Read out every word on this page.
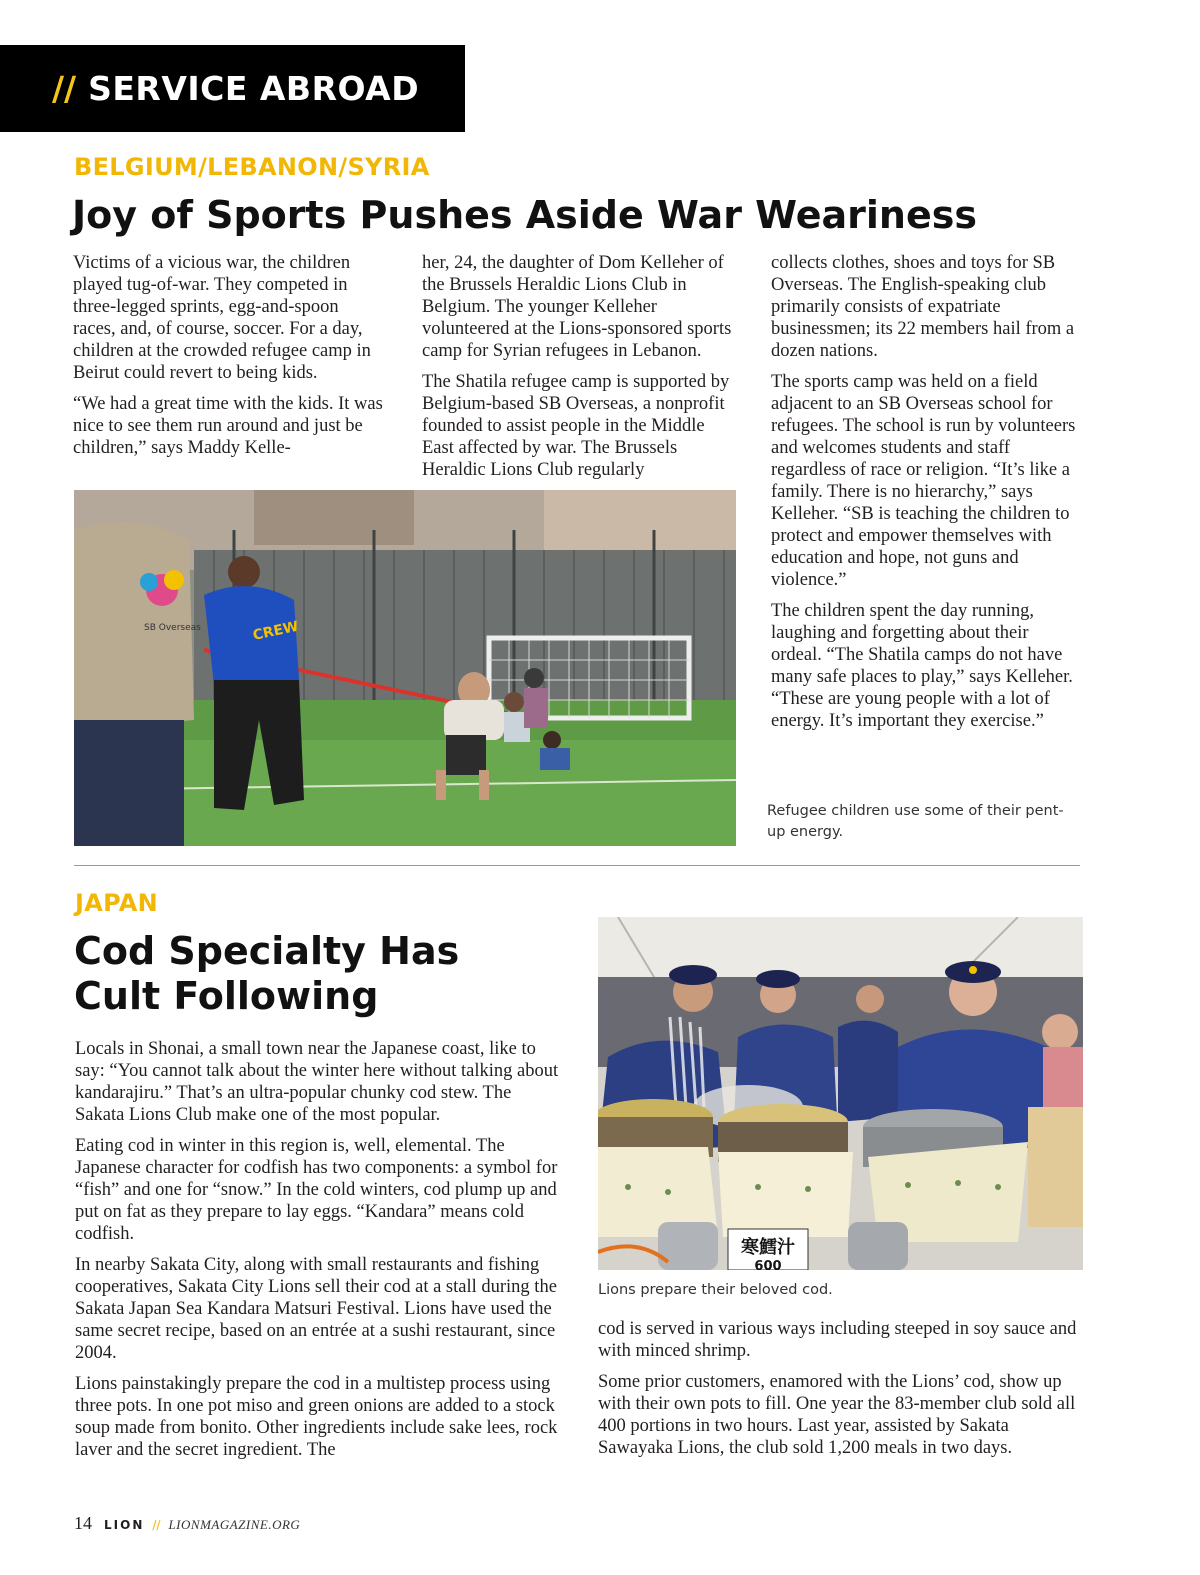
// SERVICE ABROAD
BELGIUM/LEBANON/SYRIA
Joy of Sports Pushes Aside War Weariness

Victims of a vicious war, the children played tug-of-war. They competed in three-legged sprints, egg-and-spoon races, and, of course, soccer. For a day, children at the crowded refugee camp in Beirut could revert to being kids.

“We had a great time with the kids. It was nice to see them run around and just be children,” says Maddy Kelle-

her, 24, the daughter of Dom Kelleher of the Brussels Heraldic Lions Club in Belgium. The younger Kelleher volunteered at the Lions-sponsored sports camp for Syrian refugees in Lebanon.

The Shatila refugee camp is supported by Belgium-based SB Overseas, a nonprofit founded to assist people in the Middle East affected by war. The Brussels Heraldic Lions Club regularly

collects clothes, shoes and toys for SB Overseas. The English-speaking club primarily consists of expatriate businessmen; its 22 members hail from a dozen nations.

The sports camp was held on a field adjacent to an SB Overseas school for refugees. The school is run by volunteers and welcomes students and staff regardless of race or religion. “It’s like a family. There is no hierarchy,” says Kelleher. “SB is teaching the children to protect and empower themselves with education and hope, not guns and violence.”

The children spent the day running, laughing and forgetting about their ordeal. “The Shatila camps do not have many safe places to play,” says Kelleher. “These are young people with a lot of energy. It’s important they exercise.”

CREW
SB Overseas
Refugee children use some of their pent-up energy.
JAPAN
Cod Specialty Has
Cult Following

Locals in Shonai, a small town near the Japanese coast, like to say: “You cannot talk about the winter here without talking about kandarajiru.” That’s an ultra-popular chunky cod stew. The Sakata Lions Club make one of the most popular.

Eating cod in winter in this region is, well, elemental. The Japanese character for codfish has two components: a symbol for “fish” and one for “snow.” In the cold winters, cod plump up and put on fat as they prepare to lay eggs. “Kandara” means cold codfish.

In nearby Sakata City, along with small restaurants and fishing cooperatives, Sakata City Lions sell their cod at a stall during the Sakata Japan Sea Kandara Matsuri Festival. Lions have used the same secret recipe, based on an entrée at a sushi restaurant, since 2004.

Lions painstakingly prepare the cod in a multistep process using three pots. In one pot miso and green onions are added to a stock soup made from bonito. Other ingredients include sake lees, rock laver and the secret ingredient. The

寒鱈汁
600
Lions prepare their beloved cod.

cod is served in various ways including steeped in soy sauce and with minced shrimp.

Some prior customers, enamored with the Lions’ cod, show up with their own pots to fill. One year the 83-member club sold all 400 portions in two hours. Last year, assisted by Sakata Sawayaka Lions, the club sold 1,200 meals in two days.

14 LION // LIONMAGAZINE.ORG
